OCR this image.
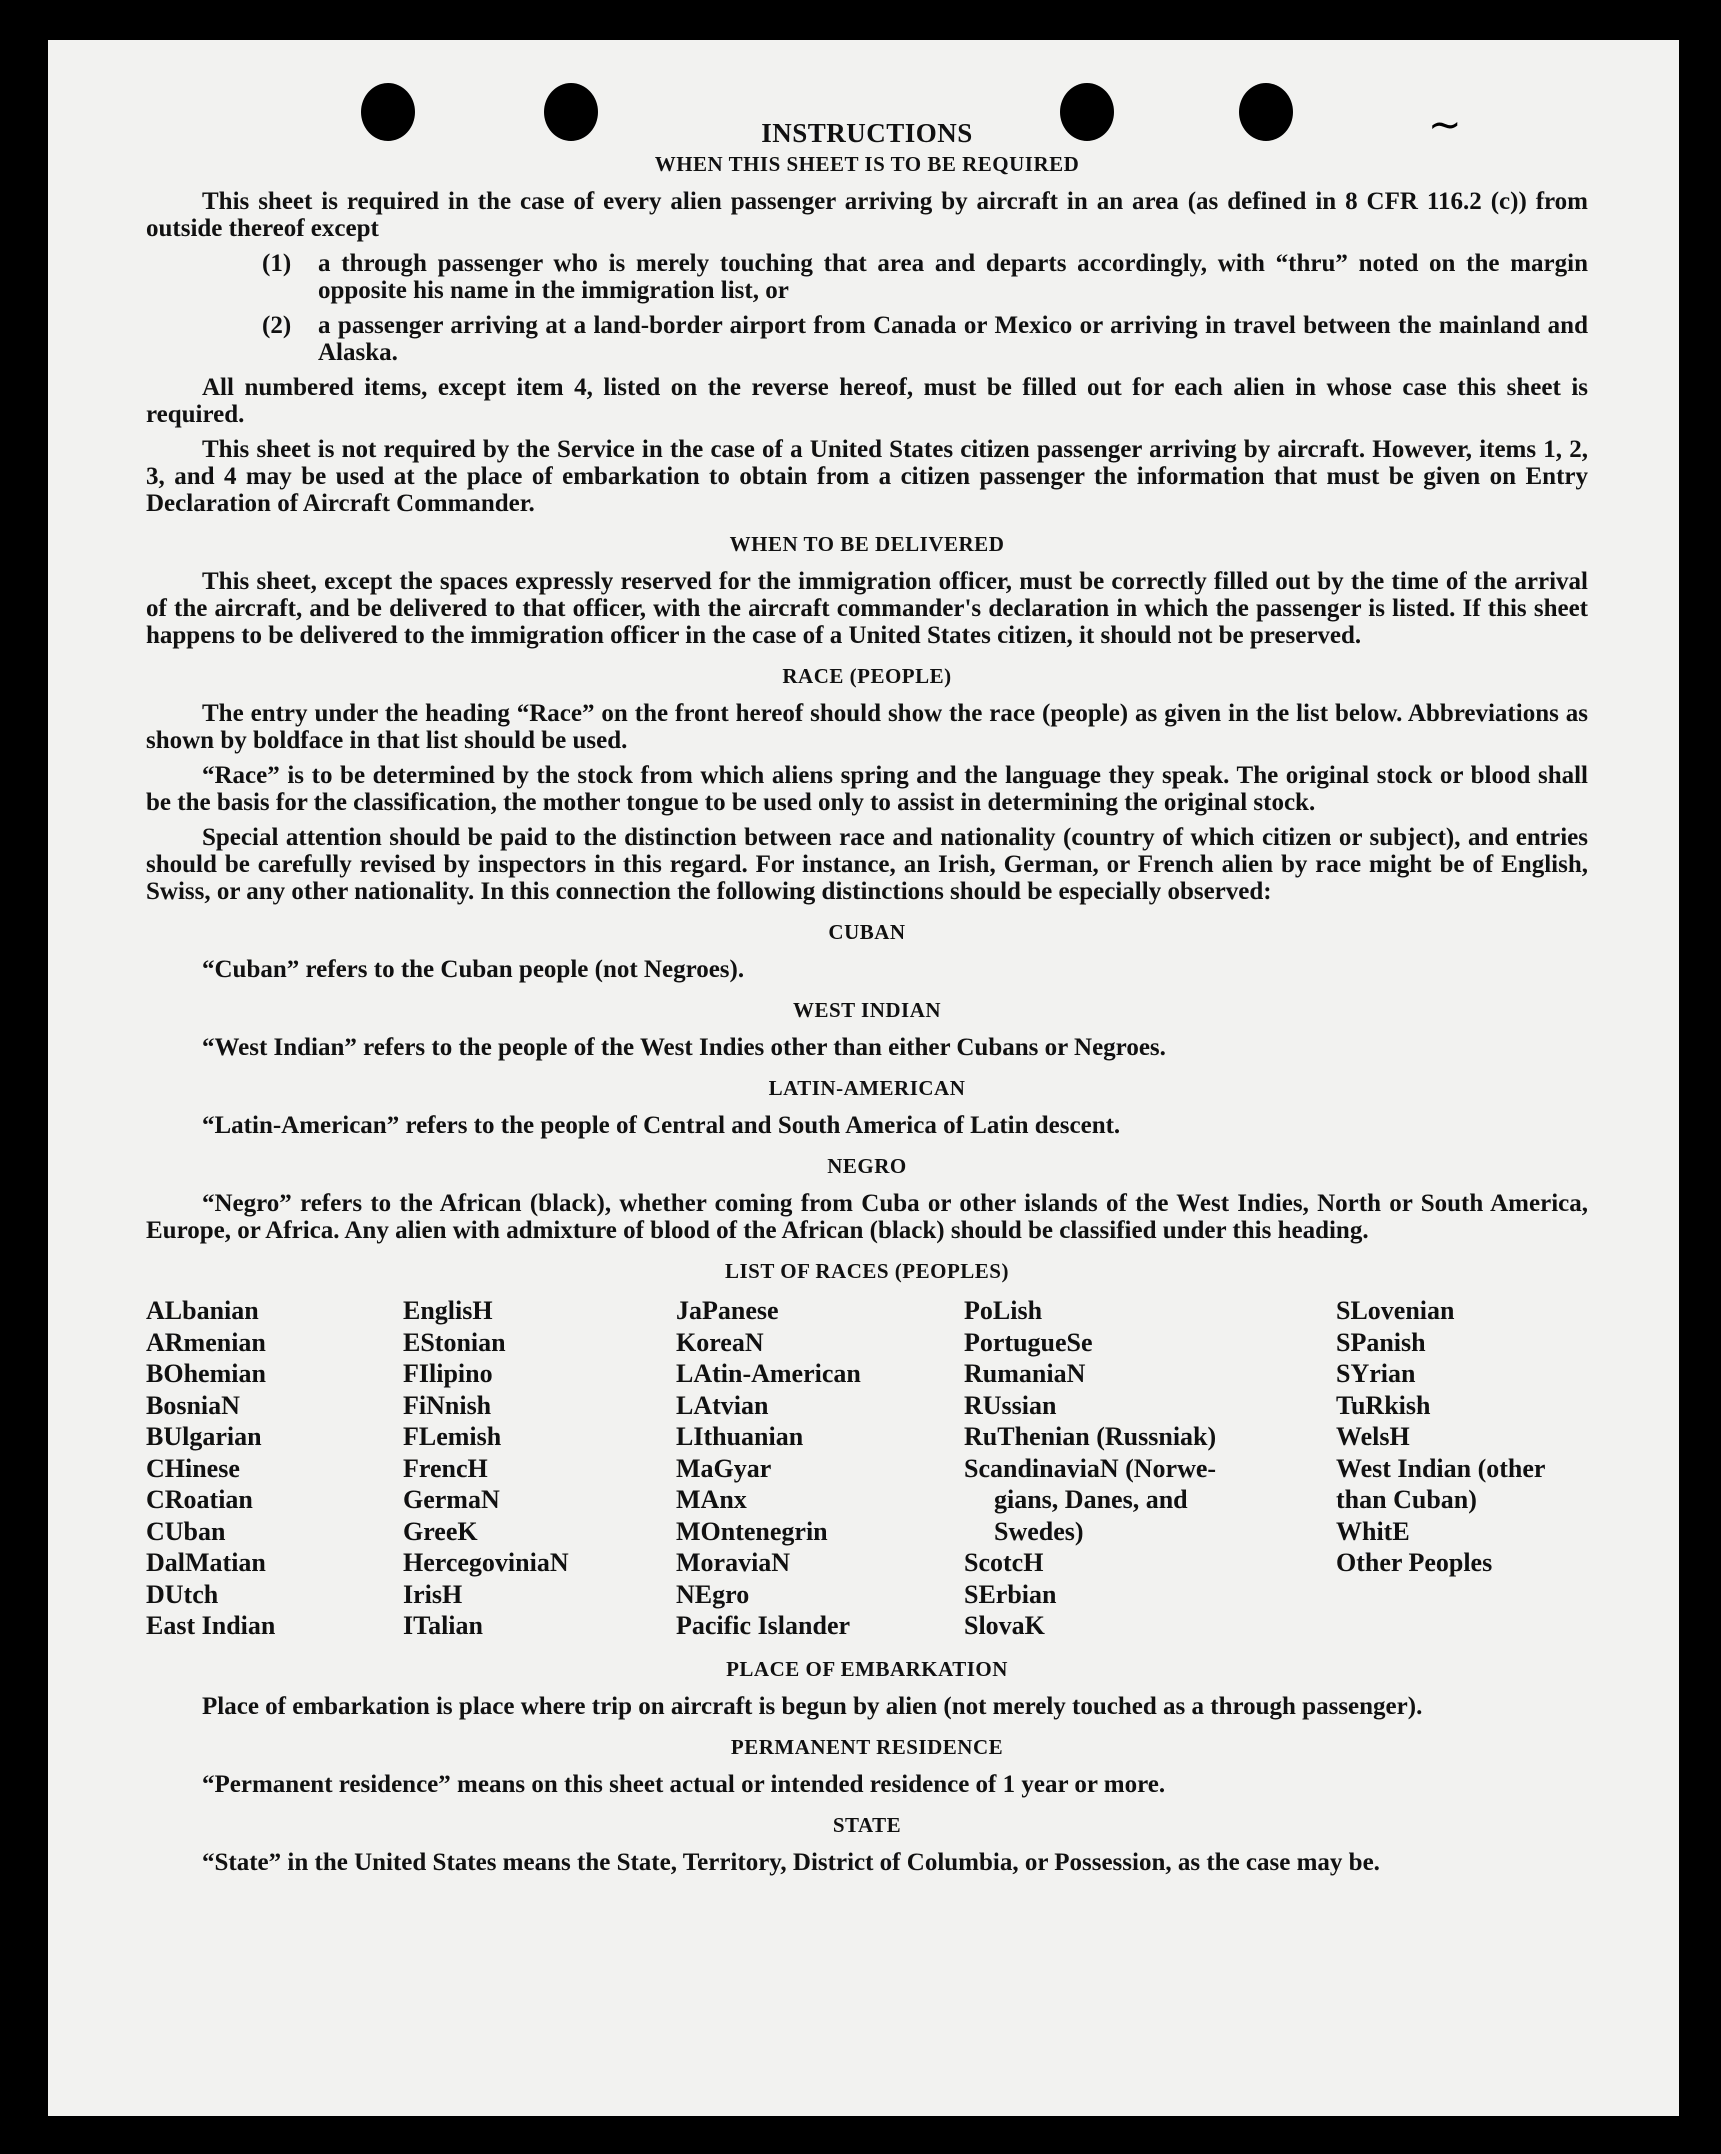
~
INSTRUCTIONS
WHEN THIS SHEET IS TO BE REQUIRED

This sheet is required in the case of every alien passenger arriving by aircraft in an area (as defined in 8 CFR 116.2 (c)) from outside thereof except

(1)	a through passenger who is merely touching that area and departs accordingly, with “thru” noted on the margin opposite his name in the immigration list, or
(2)	a passenger arriving at a land-border airport from Canada or Mexico or arriving in travel between the mainland and Alaska.

All numbered items, except item 4, listed on the reverse hereof, must be filled out for each alien in whose case this sheet is required.

This sheet is not required by the Service in the case of a United States citizen passenger arriving by aircraft. However, items 1, 2, 3, and 4 may be used at the place of embarkation to obtain from a citizen passenger the information that must be given on Entry Declaration of Aircraft Commander.

WHEN TO BE DELIVERED

This sheet, except the spaces expressly reserved for the immigration officer, must be correctly filled out by the time of the arrival of the aircraft, and be delivered to that officer, with the aircraft commander's declaration in which the passenger is listed. If this sheet happens to be delivered to the immigration officer in the case of a United States citizen, it should not be preserved.

RACE (PEOPLE)

The entry under the heading “Race” on the front hereof should show the race (people) as given in the list below. Abbreviations as shown by boldface in that list should be used.

“Race” is to be determined by the stock from which aliens spring and the language they speak. The original stock or blood shall be the basis for the classification, the mother tongue to be used only to assist in determining the original stock.

Special attention should be paid to the distinction between race and nationality (country of which citizen or subject), and entries should be carefully revised by inspectors in this regard. For instance, an Irish, German, or French alien by race might be of English, Swiss, or any other nationality. In this connection the following distinctions should be especially observed:

CUBAN

“Cuban” refers to the Cuban people (not Negroes).

WEST INDIAN

“West Indian” refers to the people of the West Indies other than either Cubans or Negroes.

LATIN-AMERICAN

“Latin-American” refers to the people of Central and South America of Latin descent.

NEGRO

“Negro” refers to the African (black), whether coming from Cuba or other islands of the West Indies, North or South America, Europe, or Africa. Any alien with admixture of blood of the African (black) should be classified under this heading.

LIST OF RACES (PEOPLES)
ALbanian
ARmenian
BOhemian
BosniaN
BUlgarian
CHinese
CRoatian
CUban
DalMatian
DUtch
East Indian
EnglisH
EStonian
FIlipino
FiNnish
FLemish
FrencH
GermaN
GreeK
HercegovinіaN
IrisH
ITalian
JaPanese
KoreaN
LAtin-American
LAtvian
LIthuanian
MaGyar
MAnx
MOntenegrin
MoraviaN
NEgro
Pacific Islander
PoLish
PortugueSe
RumaniaN
RUssian
RuThenian (Russniak)
ScandinaviaN (Norwe-
gians, Danes, and
Swedes)
ScotcH
SErbian
SlovaK
SLovenian
SPanish
SYrian
TuRkish
WelsH
West Indian (other
than Cuban)
WhitE
Other Peoples
PLACE OF EMBARKATION

Place of embarkation is place where trip on aircraft is begun by alien (not merely touched as a through passenger).

PERMANENT RESIDENCE

“Permanent residence” means on this sheet actual or intended residence of 1 year or more.

STATE

“State” in the United States means the State, Territory, District of Columbia, or Possession, as the case may be.
